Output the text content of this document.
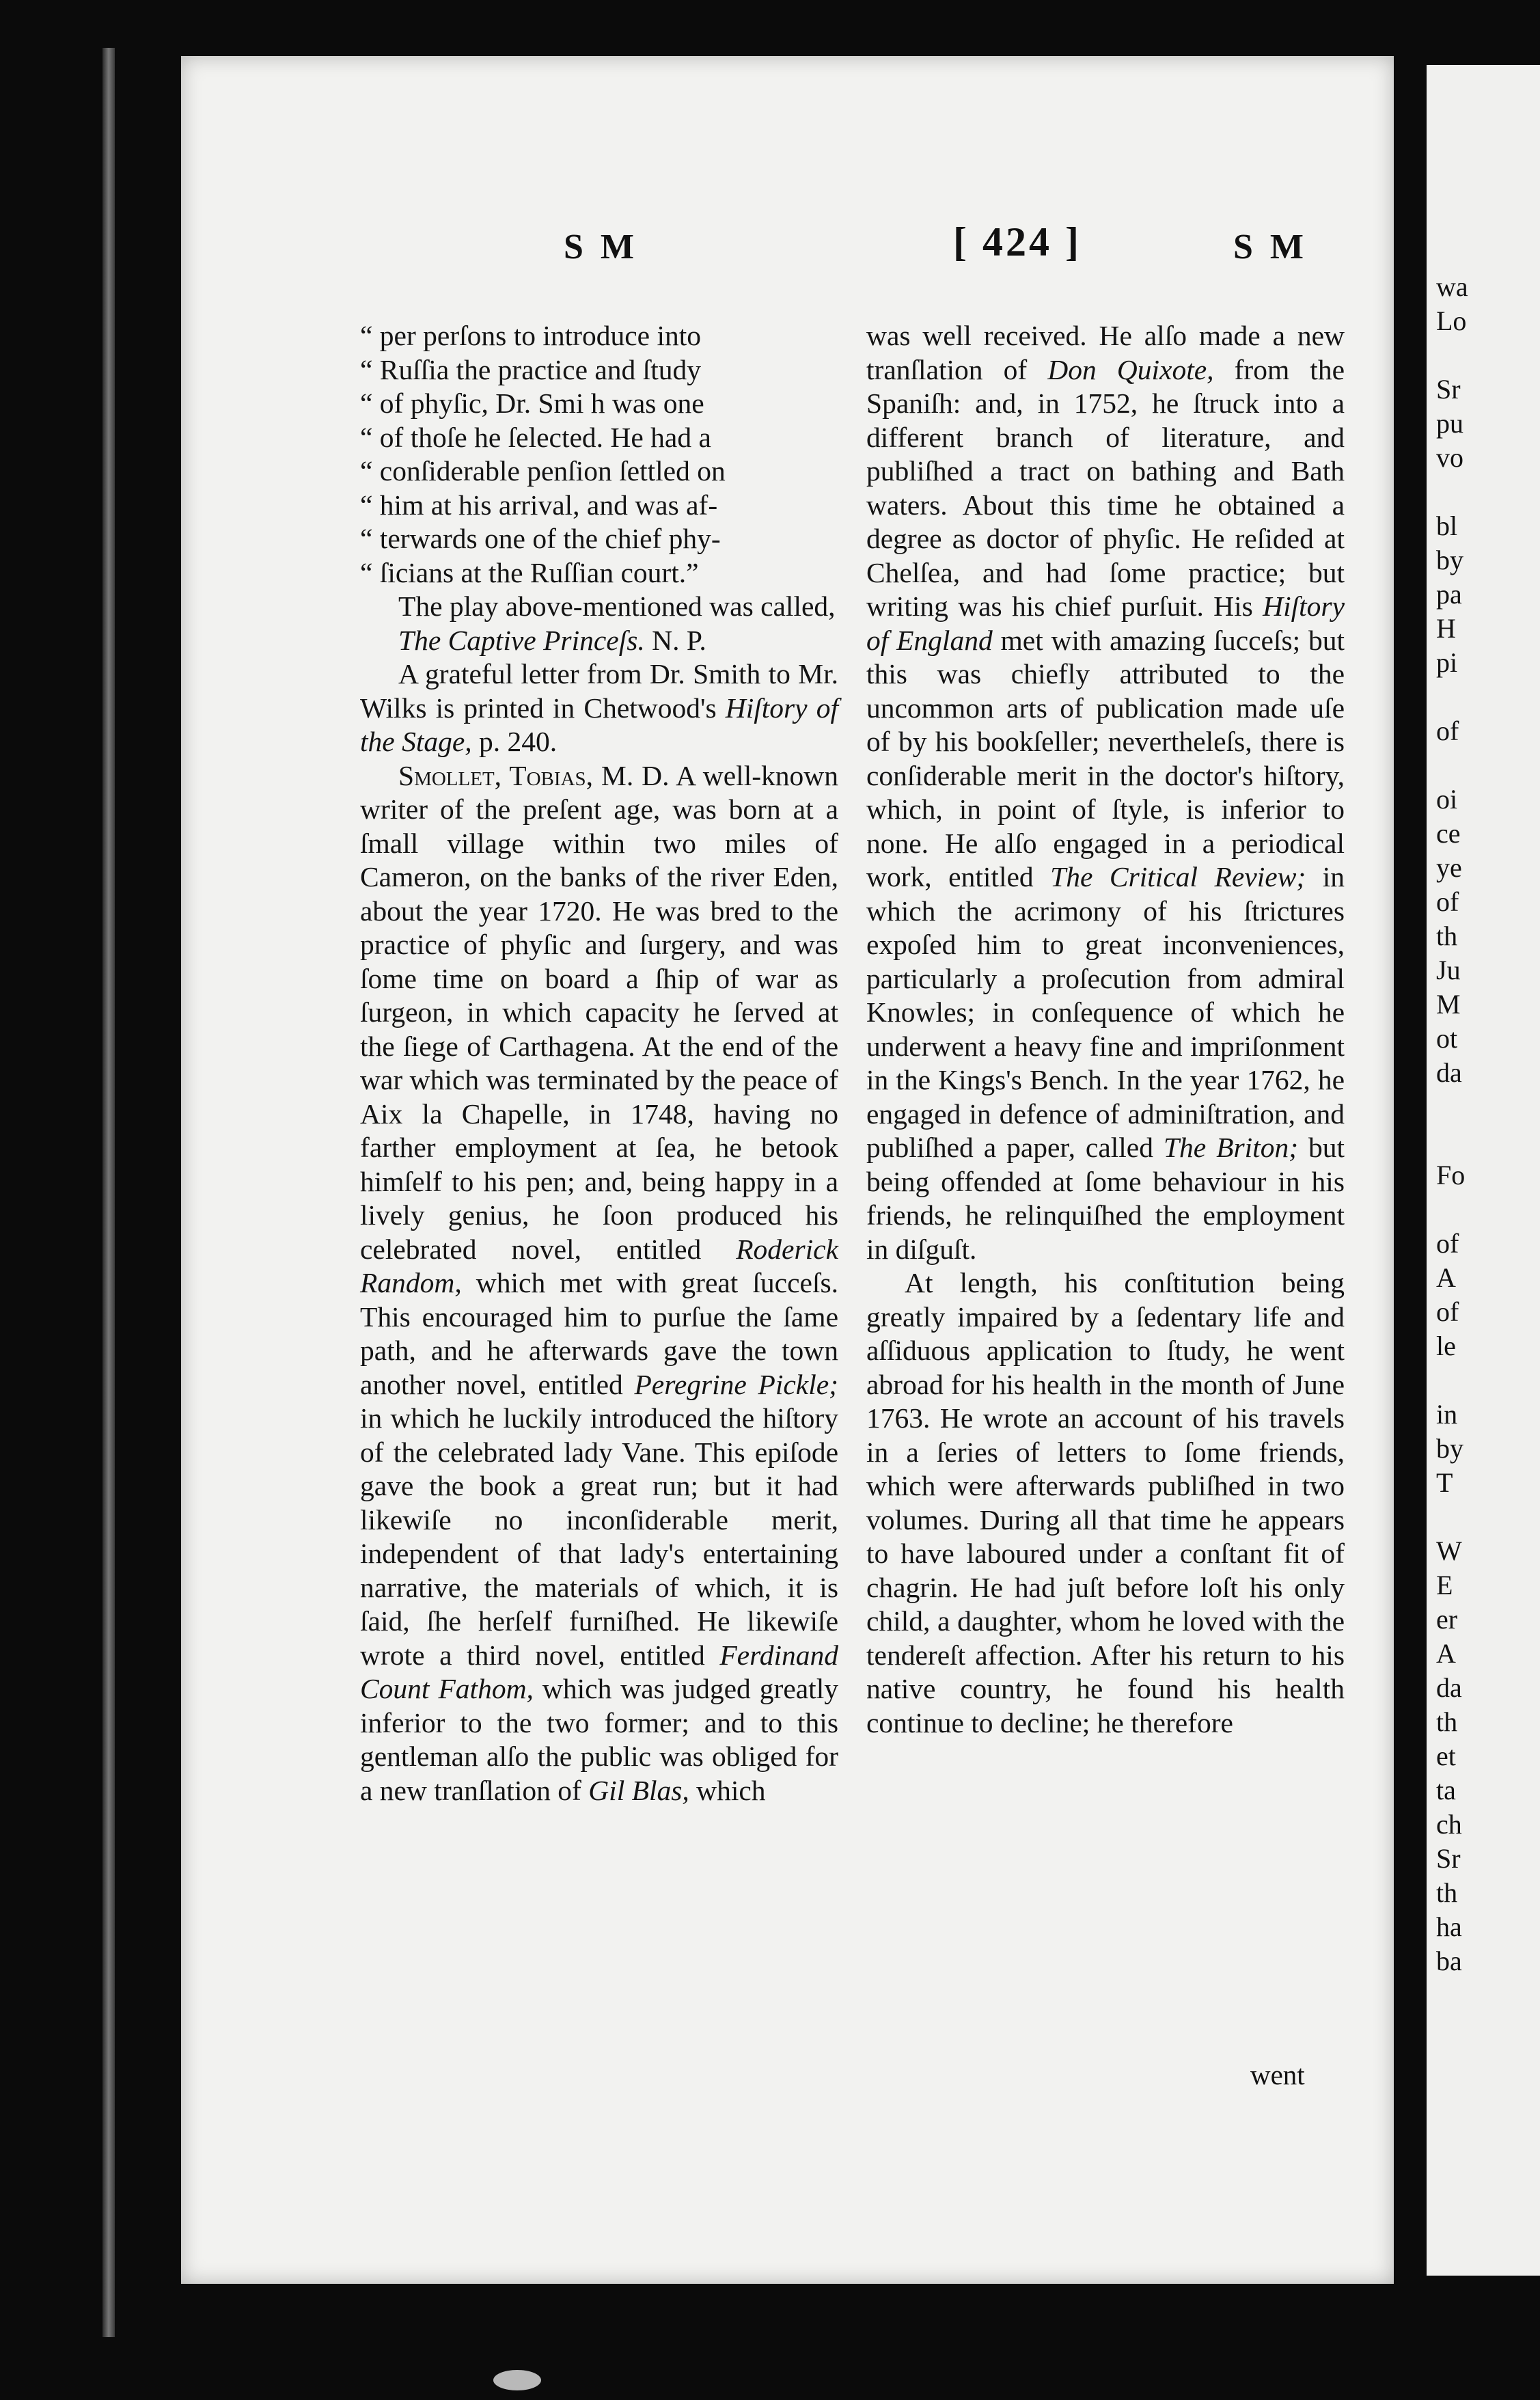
S M	[ 424 ]	S M

“ per perſons to introduce into

“ Ruſſia the practice and ſtudy

“ of phyſic, Dr. Smi h was one

“ of thoſe he ſelected. He had a

“ conſiderable penſion ſettled on

“ him at his arrival, and was af-

“ terwards one of the chief phy-

“ ſicians at the Ruſſian court.”

The play above-mentioned was called,

The Captive Princeſs. N. P.

A grateful letter from Dr. Smith to Mr. Wilks is printed in Chetwood's Hiſtory of the Stage, p. 240.

Smollet, Tobias, M. D. A well-known writer of the preſent age, was born at a ſmall village within two miles of Cameron, on the banks of the river Eden, about the year 1720. He was bred to the practice of phyſic and ſurgery, and was ſome time on board a ſhip of war as ſurgeon, in which capacity he ſerved at the ſiege of Carthagena. At the end of the war which was terminated by the peace of Aix la Chapelle, in 1748, having no farther employment at ſea, he betook himſelf to his pen; and, being happy in a lively genius, he ſoon produced his celebrated novel, entitled Roderick Random, which met with great ſucceſs. This encouraged him to purſue the ſame path, and he afterwards gave the town another novel, entitled Peregrine Pickle; in which he luckily introduced the hiſtory of the celebrated lady Vane. This epiſode gave the book a great run; but it had likewiſe no inconſiderable merit, independent of that lady's entertaining narrative, the materials of which, it is ſaid, ſhe herſelf furniſhed. He likewiſe wrote a third novel, entitled Ferdinand Count Fathom, which was judged greatly inferior to the two former; and to this gentleman alſo the public was obliged for a new tranſlation of Gil Blas, which

was well received. He alſo made a new tranſlation of Don Quixote, from the Spaniſh: and, in 1752, he ſtruck into a different branch of literature, and publiſhed a tract on bathing and Bath waters. About this time he obtained a degree as doctor of phyſic. He reſided at Chelſea, and had ſome practice; but writing was his chief purſuit. His Hiſtory of England met with amazing ſucceſs; but this was chiefly attributed to the uncommon arts of publication made uſe of by his bookſeller; nevertheleſs, there is conſiderable merit in the doctor's hiſtory, which, in point of ſtyle, is inferior to none. He alſo engaged in a periodical work, entitled The Critical Review; in which the acrimony of his ſtrictures expoſed him to great inconveniences, particularly a proſecution from admiral Knowles; in conſequence of which he underwent a heavy fine and impriſonment in the Kings's Bench. In the year 1762, he engaged in defence of adminiſtration, and publiſhed a paper, called The Briton; but being offended at ſome behaviour in his friends, he relinquiſhed the employment in diſguſt.

At length, his conſtitution being greatly impaired by a ſedentary life and aſſiduous application to ſtudy, he went abroad for his health in the month of June 1763. He wrote an account of his travels in a ſeries of letters to ſome friends, which were afterwards publiſhed in two volumes. During all that time he appears to have laboured under a conſtant fit of chagrin. He had juſt before loſt his only child, a daughter, whom he loved with the tendereſt affection. After his return to his native country, he found his health continue to decline; he therefore

went
wa
Lo
Sr
pu
vo
bl
by
pa
H
pi
of
oi
ce
ye
of
th
Ju
M
ot
da
Fo
of
A
of
le
in
by
T
W
E
er
A
da
th
et
ta
ch
Sr
th
ha
ba
